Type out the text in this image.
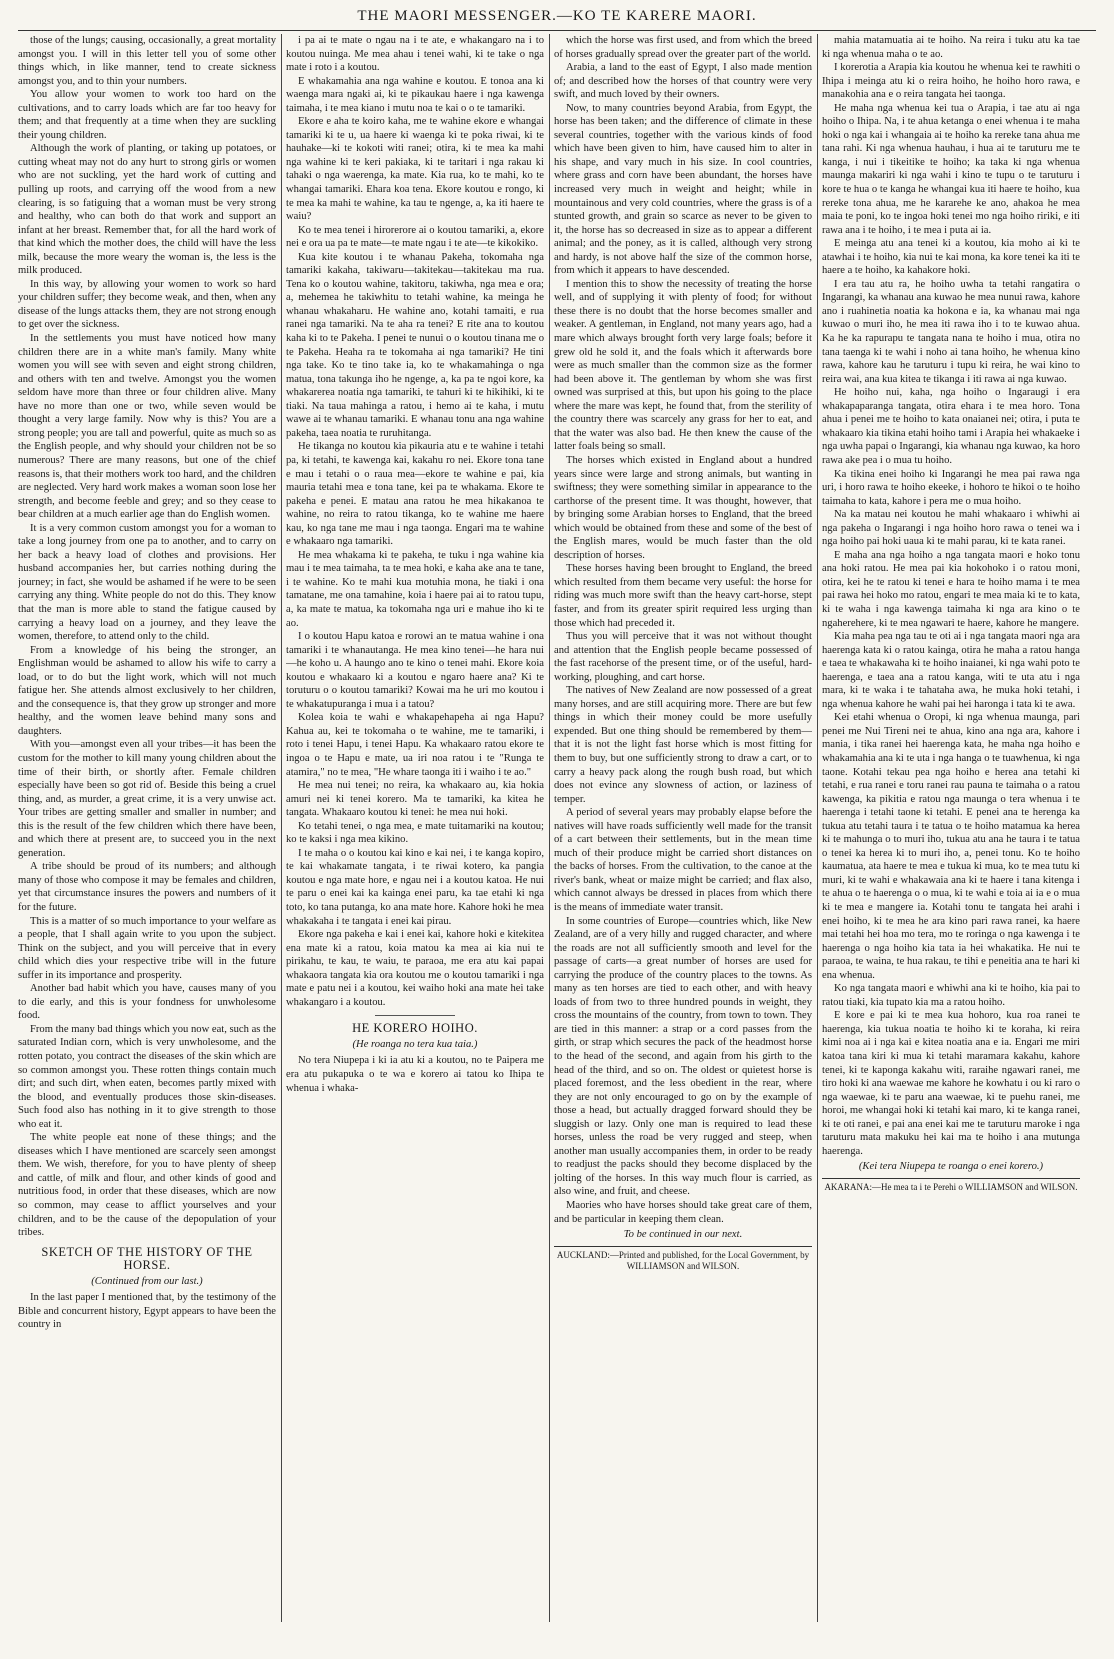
THE MAORI MESSENGER.—KO TE KARERE MAORI.

those of the lungs; causing, occasionally, a great mortality amongst you. I will in this letter tell you of some other things which, in like manner, tend to create sickness amongst you, and to thin your numbers.

You allow your women to work too hard on the cultivations, and to carry loads which are far too heavy for them; and that frequently at a time when they are suckling their young children.

Although the work of planting, or taking up potatoes, or cutting wheat may not do any hurt to strong girls or women who are not suckling, yet the hard work of cutting and pulling up roots, and carrying off the wood from a new clearing, is so fatiguing that a woman must be very strong and healthy, who can both do that work and support an infant at her breast. Remember that, for all the hard work of that kind which the mother does, the child will have the less milk, because the more weary the woman is, the less is the milk produced.

In this way, by allowing your women to work so hard your children suffer; they become weak, and then, when any disease of the lungs attacks them, they are not strong enough to get over the sickness.

In the settlements you must have noticed how many children there are in a white man's family. Many white women you will see with seven and eight strong children, and others with ten and twelve. Amongst you the women seldom have more than three or four children alive. Many have no more than one or two, while seven would be thought a very large family. Now why is this? You are a strong people; you are tall and powerful, quite as much so as the English people, and why should your children not be so numerous? There are many reasons, but one of the chief reasons is, that their mothers work too hard, and the children are neglected. Very hard work makes a woman soon lose her strength, and become feeble and grey; and so they cease to bear children at a much earlier age than do English women.

It is a very common custom amongst you for a woman to take a long journey from one pa to another, and to carry on her back a heavy load of clothes and provisions. Her husband accompanies her, but carries nothing during the journey; in fact, she would be ashamed if he were to be seen carrying any thing. White people do not do this. They know that the man is more able to stand the fatigue caused by carrying a heavy load on a journey, and they leave the women, therefore, to attend only to the child.

From a knowledge of his being the stronger, an Englishman would be ashamed to allow his wife to carry a load, or to do but the light work, which will not much fatigue her. She attends almost exclusively to her children, and the consequence is, that they grow up stronger and more healthy, and the women leave behind many sons and daughters.

With you—amongst even all your tribes—it has been the custom for the mother to kill many young children about the time of their birth, or shortly after. Female children especially have been so got rid of. Beside this being a cruel thing, and, as murder, a great crime, it is a very unwise act. Your tribes are getting smaller and smaller in number; and this is the result of the few children which there have been, and which there at present are, to succeed you in the next generation.

A tribe should be proud of its numbers; and although many of those who compose it may be females and children, yet that circumstance insures the powers and numbers of it for the future.

This is a matter of so much importance to your welfare as a people, that I shall again write to you upon the subject. Think on the subject, and you will perceive that in every child which dies your respective tribe will in the future suffer in its importance and prosperity.

Another bad habit which you have, causes many of you to die early, and this is your fondness for unwholesome food.

From the many bad things which you now eat, such as the saturated Indian corn, which is very unwholesome, and the rotten potato, you contract the diseases of the skin which are so common amongst you. These rotten things contain much dirt; and such dirt, when eaten, becomes partly mixed with the blood, and eventually produces those skin-diseases. Such food also has nothing in it to give strength to those who eat it.

The white people eat none of these things; and the diseases which I have mentioned are scarcely seen amongst them. We wish, therefore, for you to have plenty of sheep and cattle, of milk and flour, and other kinds of good and nutritious food, in order that these diseases, which are now so common, may cease to afflict yourselves and your children, and to be the cause of the depopulation of your tribes.

SKETCH OF THE HISTORY OF THE HORSE.
(Continued from our last.)

In the last paper I mentioned that, by the testimony of the Bible and concurrent history, Egypt appears to have been the country in

i pa ai te mate o ngau na i te ate, e whakangaro na i to koutou nuinga. Me mea ahau i tenei wahi, ki te take o nga mate i roto i a koutou.

E whakamahia ana nga wahine e koutou. E tonoa ana ki waenga mara ngaki ai, ki te pikaukau haere i nga kawenga taimaha, i te mea kiano i mutu noa te kai o o te tamariki.

Ekore e aha te koiro kaha, me te wahine ekore e whangai tamariki ki te u, ua haere ki waenga ki te poka riwai, ki te hauhake—ki te kokoti witi ranei; otira, ki te mea ka mahi nga wahine ki te keri pakiaka, ki te taritari i nga rakau ki tahaki o nga waerenga, ka mate. Kia rua, ko te mahi, ko te whangai tamariki. Ehara koa tena. Ekore koutou e rongo, ki te mea ka mahi te wahine, ka tau te ngenge, a, ka iti haere te waiu?

Ko te mea tenei i hirorerore ai o koutou tamariki, a, ekore nei e ora ua pa te mate—te mate ngau i te ate—te kikokiko.

Kua kite koutou i te whanau Pakeha, tokomaha nga tamariki kakaha, takiwaru—takitekau—takitekau ma rua. Tena ko o koutou wahine, takitoru, takiwha, nga mea e ora; a, mehemea he takiwhitu to tetahi wahine, ka meinga he whanau whakaharu. He wahine ano, kotahi tamaiti, e rua ranei nga tamariki. Na te aha ra tenei? E rite ana to koutou kaha ki to te Pakeha. I penei te nunui o o koutou tinana me o te Pakeha. Heaha ra te tokomaha ai nga tamariki? He tini nga take. Ko te tino take ia, ko te whakamahinga o nga matua, tona takunga iho he ngenge, a, ka pa te ngoi kore, ka whakarerea noatia nga tamariki, te tahuri ki te hikihiki, ki te tiaki. Na taua mahinga a ratou, i hemo ai te kaha, i mutu wawe ai te whanau tamariki. E whanau tonu ana nga wahine pakeha, taea noatia te ruruhitanga.

He tikanga no koutou kia pikauria atu e te wahine i tetahi pa, ki tetahi, te kawenga kai, kakahu ro nei. Ekore tona tane e mau i tetahi o o raua mea—ekore te wahine e pai, kia mauria tetahi mea e tona tane, kei pa te whakama. Ekore te pakeha e penei. E matau ana ratou he mea hikakanoa te wahine, no reira to ratou tikanga, ko te wahine me haere kau, ko nga tane me mau i nga taonga. Engari ma te wahine e whakaaro nga tamariki.

He mea whakama ki te pakeha, te tuku i nga wahine kia mau i te mea taimaha, ta te mea hoki, e kaha ake ana te tane, i te wahine. Ko te mahi kua motuhia mona, he tiaki i ona tamatane, me ona tamahine, koia i haere pai ai to ratou tupu, a, ka mate te matua, ka tokomaha nga uri e mahue iho ki te ao.

I o koutou Hapu katoa e rorowi an te matua wahine i ona tamariki i te whanautanga. He mea kino tenei—he hara nui—he koho u. A haungo ano te kino o tenei mahi. Ekore koia koutou e whakaaro ki a koutou e ngaro haere ana? Ki te toruturu o o koutou tamariki? Kowai ma he uri mo koutou i te whakatupuranga i mua i a tatou?

Kolea koia te wahi e whakapehapeha ai nga Hapu? Kahua au, kei te tokomaha o te wahine, me te tamariki, i roto i tenei Hapu, i tenei Hapu. Ka whakaaro ratou ekore te ingoa o te Hapu e mate, ua iri noa ratou i te "Runga te atamira," no te mea, "He whare taonga iti i waiho i te ao."

He mea nui tenei; no reira, ka whakaaro au, kia hokia amuri nei ki tenei korero. Ma te tamariki, ka kitea he tangata. Whakaaro koutou ki tenei: he mea nui hoki.

Ko tetahi tenei, o nga mea, e mate tuitamariki na koutou; ko te kaksi i nga mea kikino.

I te maha o o koutou kai kino e kai nei, i te kanga kopiro, te kai whakamate tangata, i te riwai kotero, ka pangia koutou e nga mate hore, e ngau nei i a koutou katoa. He nui te paru o enei kai ka kainga enei paru, ka tae etahi ki nga toto, ko tana putanga, ko ana mate hore. Kahore hoki he mea whakakaha i te tangata i enei kai pirau.

Ekore nga pakeha e kai i enei kai, kahore hoki e kitekitea ena mate ki a ratou, koia matou ka mea ai kia nui te pirikahu, te kau, te waiu, te paraoa, me era atu kai papai whakaora tangata kia ora koutou me o koutou tamariki i nga mate e patu nei i a koutou, kei waiho hoki ana mate hei take whakangaro i a koutou.

HE KORERO HOIHO.
(He roanga no tera kua taia.)

No tera Niupepa i ki ia atu ki a koutou, no te Paipera me era atu pukapuka o te wa e korero ai tatou ko Ihipa te whenua i whaka-

which the horse was first used, and from which the breed of horses gradually spread over the greater part of the world.

Arabia, a land to the east of Egypt, I also made mention of; and described how the horses of that country were very swift, and much loved by their owners.

Now, to many countries beyond Arabia, from Egypt, the horse has been taken; and the difference of climate in these several countries, together with the various kinds of food which have been given to him, have caused him to alter in his shape, and vary much in his size. In cool countries, where grass and corn have been abundant, the horses have increased very much in weight and height; while in mountainous and very cold countries, where the grass is of a stunted growth, and grain so scarce as never to be given to it, the horse has so decreased in size as to appear a different animal; and the poney, as it is called, although very strong and hardy, is not above half the size of the common horse, from which it appears to have descended.

I mention this to show the necessity of treating the horse well, and of supplying it with plenty of food; for without these there is no doubt that the horse becomes smaller and weaker. A gentleman, in England, not many years ago, had a mare which always brought forth very large foals; before it grew old he sold it, and the foals which it afterwards bore were as much smaller than the common size as the former had been above it. The gentleman by whom she was first owned was surprised at this, but upon his going to the place where the mare was kept, he found that, from the sterility of the country there was scarcely any grass for her to eat, and that the water was also bad. He then knew the cause of the latter foals being so small.

The horses which existed in England about a hundred years since were large and strong animals, but wanting in swiftness; they were something similar in appearance to the carthorse of the present time. It was thought, however, that by bringing some Arabian horses to England, that the breed which would be obtained from these and some of the best of the English mares, would be much faster than the old description of horses.

These horses having been brought to England, the breed which resulted from them became very useful: the horse for riding was much more swift than the heavy cart-horse, stept faster, and from its greater spirit required less urging than those which had preceded it.

Thus you will perceive that it was not without thought and attention that the English people became possessed of the fast racehorse of the present time, or of the useful, hard-working, ploughing, and cart horse.

The natives of New Zealand are now possessed of a great many horses, and are still acquiring more. There are but few things in which their money could be more usefully expended. But one thing should be remembered by them—that it is not the light fast horse which is most fitting for them to buy, but one sufficiently strong to draw a cart, or to carry a heavy pack along the rough bush road, but which does not evince any slowness of action, or laziness of temper.

A period of several years may probably elapse before the natives will have roads sufficiently well made for the transit of a cart between their settlements, but in the mean time much of their produce might be carried short distances on the backs of horses. From the cultivation, to the canoe at the river's bank, wheat or maize might be carried; and flax also, which cannot always be dressed in places from which there is the means of immediate water transit.

In some countries of Europe—countries which, like New Zealand, are of a very hilly and rugged character, and where the roads are not all sufficiently smooth and level for the passage of carts—a great number of horses are used for carrying the produce of the country places to the towns. As many as ten horses are tied to each other, and with heavy loads of from two to three hundred pounds in weight, they cross the mountains of the country, from town to town. They are tied in this manner: a strap or a cord passes from the girth, or strap which secures the pack of the headmost horse to the head of the second, and again from his girth to the head of the third, and so on. The oldest or quietest horse is placed foremost, and the less obedient in the rear, where they are not only encouraged to go on by the example of those a head, but actually dragged forward should they be sluggish or lazy. Only one man is required to lead these horses, unless the road be very rugged and steep, when another man usually accompanies them, in order to be ready to readjust the packs should they become displaced by the jolting of the horses. In this way much flour is carried, as also wine, and fruit, and cheese.

Maories who have horses should take great care of them, and be particular in keeping them clean.

To be continued in our next.
AUCKLAND:—Printed and published, for the Local Government, by WILLIAMSON and WILSON.

mahia matamuatia ai te hoiho. Na reira i tuku atu ka tae ki nga whenua maha o te ao.

I korerotia a Arapia kia koutou he whenua kei te rawhiti o Ihipa i meinga atu ki o reira hoiho, he hoiho horo rawa, e manakohia ana e o reira tangata hei taonga.

He maha nga whenua kei tua o Arapia, i tae atu ai nga hoiho o Ihipa. Na, i te ahua ketanga o enei whenua i te maha hoki o nga kai i whangaia ai te hoiho ka rereke tana ahua me tana rahi. Ki nga whenua hauhau, i hua ai te taruturu me te kanga, i nui i tikeitike te hoiho; ka taka ki nga whenua maunga makariri ki nga wahi i kino te tupu o te taruturu i kore te hua o te kanga he whangai kua iti haere te hoiho, kua rereke tona ahua, me he kararehe ke ano, ahakoa he mea maia te poni, ko te ingoa hoki tenei mo nga hoiho ririki, e iti rawa ana i te hoiho, i te mea i puta ai ia.

E meinga atu ana tenei ki a koutou, kia moho ai ki te atawhai i te hoiho, kia nui te kai mona, ka kore tenei ka iti te haere a te hoiho, ka kahakore hoki.

I era tau atu ra, he hoiho uwha ta tetahi rangatira o Ingarangi, ka whanau ana kuwao he mea nunui rawa, kahore ano i ruahinetia noatia ka hokona e ia, ka whanau mai nga kuwao o muri iho, he mea iti rawa iho i to te kuwao ahua. Ka he ka rapurapu te tangata nana te hoiho i mua, otira no tana taenga ki te wahi i noho ai tana hoiho, he whenua kino rawa, kahore kau he taruturu i tupu ki reira, he wai kino to reira wai, ana kua kitea te tikanga i iti rawa ai nga kuwao.

He hoiho nui, kaha, nga hoiho o Ingaraugi i era whakapaparanga tangata, otira ehara i te mea horo. Tona ahua i penei me te hoiho to kata onaianei nei; otira, i puta te whakaaro kia tikina etahi hoiho tami i Arapia hei whakaeke i nga uwha papai o Ingarangi, kia whanau nga kuwao, ka horo rawa ake pea i o mua tu hoiho.

Ka tikina enei hoiho ki Ingarangi he mea pai rawa nga uri, i horo rawa te hoiho ekeeke, i hohoro te hikoi o te hoiho taimaha to kata, kahore i pera me o mua hoiho.

Na ka matau nei koutou he mahi whakaaro i whiwhi ai nga pakeha o Ingarangi i nga hoiho horo rawa o tenei wa i nga hoiho pai hoki uaua ki te mahi parau, ki te kata ranei.

E maha ana nga hoiho a nga tangata maori e hoko tonu ana hoki ratou. He mea pai kia hokohoko i o ratou moni, otira, kei he te ratou ki tenei e hara te hoiho mama i te mea pai rawa hei hoko mo ratou, engari te mea maia ki te to kata, ki te waha i nga kawenga taimaha ki nga ara kino o te ngaherehere, ki te mea ngawari te haere, kahore he mangere.

Kia maha pea nga tau te oti ai i nga tangata maori nga ara haerenga kata ki o ratou kainga, otira he maha a ratou hanga e taea te whakawaha ki te hoiho inaianei, ki nga wahi poto te haerenga, e taea ana a ratou kanga, witi te uta atu i nga mara, ki te waka i te tahataha awa, he muka hoki tetahi, i nga whenua kahore he wahi pai hei haronga i tata ki te awa.

Kei etahi whenua o Oropi, ki nga whenua maunga, pari penei me Nui Tireni nei te ahua, kino ana nga ara, kahore i mania, i tika ranei hei haerenga kata, he maha nga hoiho e whakamahia ana ki te uta i nga hanga o te tuawhenua, ki nga taone. Kotahi tekau pea nga hoiho e herea ana tetahi ki tetahi, e rua ranei e toru ranei rau pauna te taimaha o a ratou kawenga, ka pikitia e ratou nga maunga o tera whenua i te haerenga i tetahi taone ki tetahi. E penei ana te herenga ka tukua atu tetahi taura i te tatua o te hoiho matamua ka herea ki te mahunga o to muri iho, tukua atu ana he taura i te tatua o tenei ka herea ki to muri iho, a, penei tonu. Ko te hoiho kaumatua, ata haere te mea e tukua ki mua, ko te mea tutu ki muri, ki te wahi e whakawaia ana ki te haere i tana kitenga i te ahua o te haerenga o o mua, ki te wahi e toia ai ia e o mua ki te mea e mangere ia. Kotahi tonu te tangata hei arahi i enei hoiho, ki te mea he ara kino pari rawa ranei, ka haere mai tetahi hei hoa mo tera, mo te roringa o nga kawenga i te haerenga o nga hoiho kia tata ia hei whakatika. He nui te paraoa, te waina, te hua rakau, te tihi e peneitia ana te hari ki ena whenua.

Ko nga tangata maori e whiwhi ana ki te hoiho, kia pai to ratou tiaki, kia tupato kia ma a ratou hoiho.

E kore e pai ki te mea kua hohoro, kua roa ranei te haerenga, kia tukua noatia te hoiho ki te koraha, ki reira kimi noa ai i nga kai e kitea noatia ana e ia. Engari me miri katoa tana kiri ki mua ki tetahi maramara kakahu, kahore tenei, ki te kaponga kakahu witi, raraihe ngawari ranei, me tiro hoki ki ana waewae me kahore he kowhatu i ou ki raro o nga waewae, ki te paru ana waewae, ki te puehu ranei, me horoi, me whangai hoki ki tetahi kai maro, ki te kanga ranei, ki te oti ranei, e pai ana enei kai me te taruturu maroke i nga taruturu mata makuku hei kai ma te hoiho i ana mutunga haerenga.

(Kei tera Niupepa te roanga o enei korero.)
AKARANA:—He mea ta i te Perehi o WILLIAMSON and WILSON.
